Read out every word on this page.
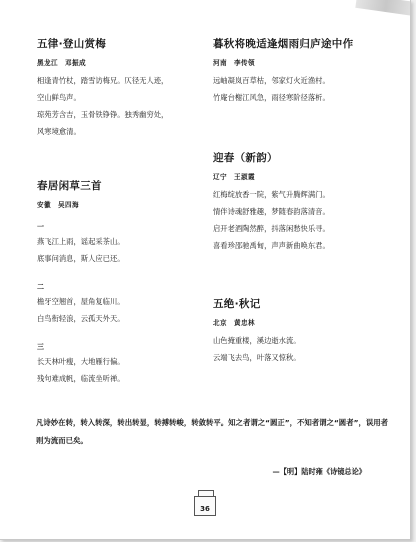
五律·登山赏梅
黑龙江　邓振成
相逢青竹杖，踏雪访梅兄。仄径无人迹，
空山鲜鸟声。
琼苑芳含吉，玉骨铁铮铮。独秀幽穷处，
风寒境愈清。
春居闲草三首
安徽　吴四海
一
燕飞江上雨，谣起采茶山。
底事问消息，斯人应已还。
二
檐牙空翘首，屋角复临川。
白鸟衔轻浪，云孤天外天。
三
长天林叶瘦，大地雁行偏。
残句难成帆，临流坐听禅。
暮秋将晚适逢烟雨归庐途中作
河南　李传领
远岫凝岚百草枯，邻家灯火近渔村。
竹庵台榭江风急，雨径寒阶径落析。
迎春（新韵）
辽宁　王淑霞
红梅绽放香一院，紫气升腾辉满门。
情伴诗魂舒雅趣，梦随春韵落清音。
启开老酒陶然醉，抖落闲愁快乐寻。
喜看珍邵驰禹甸，声声新曲唤东君。
五绝·秋记
北京　黄忠林
山色掩重楼，溪边逝水流。
云端飞去鸟，叶落又惊秋。
凡诗妙在转，转入转深，转出转显，转搏转峻，转敛转平。知之者谓之“圆正”，不知者谓之“圆者”，误用者则为流而已矣。
—【明】陆时雍《诗镜总论》
36
